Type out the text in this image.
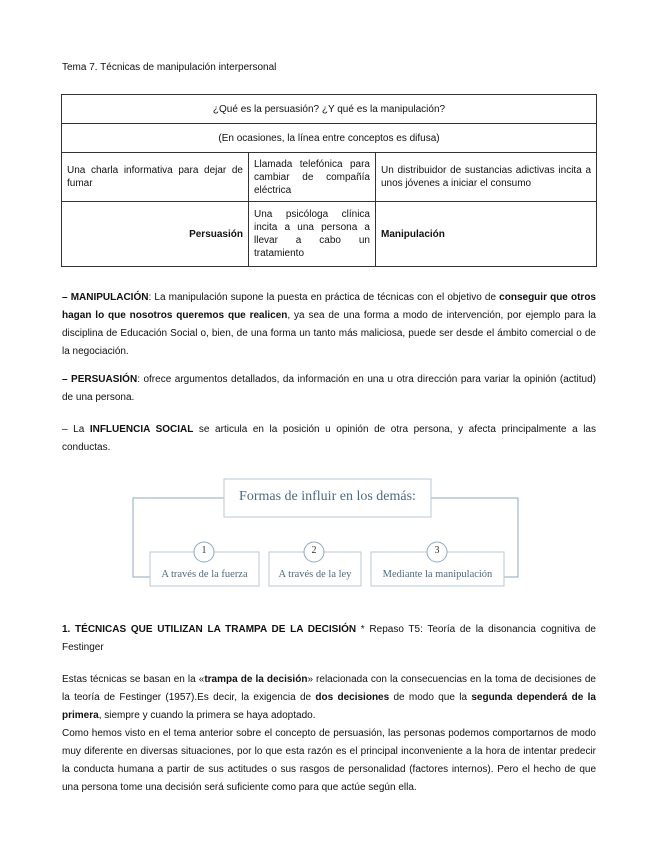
Tema 7. Técnicas de manipulación interpersonal
¿Qué es la persuasión? ¿Y qué es la manipulación?		
(En ocasiones, la línea entre conceptos es difusa)		
Una charla informativa para dejar de fumar	Llamada telefónica para cambiar de compañía eléctrica	Un distribuidor de sustancias adictivas incita a unos jóvenes a iniciar el consumo
Persuasión	Una psicóloga clínica incita a una persona a llevar a cabo un tratamiento	Manipulación

– MANIPULACIÓN: La manipulación supone la puesta en práctica de técnicas con el objetivo de conseguir que otros hagan lo que nosotros queremos que realicen, ya sea de una forma a modo de intervención, por ejemplo para la disciplina de Educación Social o, bien, de una forma un tanto más maliciosa, puede ser desde el ámbito comercial o de la negociación.

– PERSUASIÓN: ofrece argumentos detallados, da información en una u otra dirección para variar la opinión (actitud) de una persona.

– La INFLUENCIA SOCIAL se articula en la posición u opinión de otra persona, y afecta principalmente a las conductas.

Formas de influir en los demás:
1	2	3
A través de la fuerza	A través de la ley	Mediante la manipulación

1. TÉCNICAS QUE UTILIZAN LA TRAMPA DE LA DECISIÓN * Repaso T5: Teoría de la disonancia cognitiva de Festinger

Estas técnicas se basan en la «trampa de la decisión» relacionada con la consecuencias en la toma de decisiones de la teoría de Festinger (1957).Es decir, la exigencia de dos decisiones de modo que la segunda dependerá de la primera, siempre y cuando la primera se haya adoptado.
Como hemos visto en el tema anterior sobre el concepto de persuasión, las personas podemos comportarnos de modo muy diferente en diversas situaciones, por lo que esta razón es el principal inconveniente a la hora de intentar predecir la conducta humana a partir de sus actitudes o sus rasgos de personalidad (factores internos). Pero el hecho de que una persona tome una decisión será suficiente como para que actúe según ella.
